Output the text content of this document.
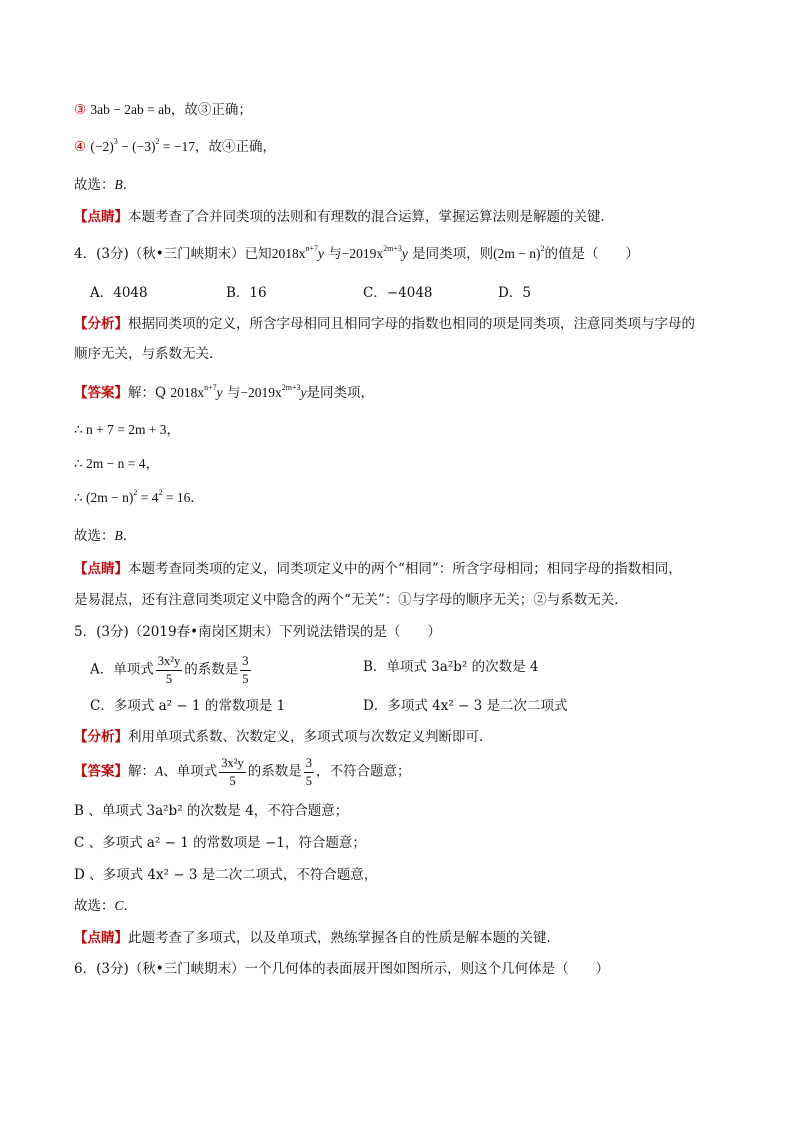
③ 3ab − 2ab = ab，故③正确；
④ $(-2)^3 - (-3)^2 = -17$，故④正确，
故选：B．
【点睛】本题考查了合并同类项的法则和有理数的混合运算，掌握运算法则是解题的关键．
4．(3分)（秋•三门峡期末）已知$2018x^{n+7}y$ 与$-2019x^{2m+3}y$ 是同类项，则$(2m - n)^2$的值是（　　）
A．4048	B．16	C．−4048	D．5
【分析】根据同类项的定义，所含字母相同且相同字母的指数也相同的项是同类项，注意同类项与字母的
顺序无关，与系数无关．
【答案】解：Q $2018x^{n+7}y$ 与$-2019x^{2m+3}y$是同类项，
∴ n + 7 = 2m + 3，
∴ 2m − n = 4，
∴ $(2m - n)^2 = 4^2 = 16$．
故选：B．
【点睛】本题考查同类项的定义，同类项定义中的两个“相同”：所含字母相同；相同字母的指数相同，
是易混点，还有注意同类项定义中隐含的两个“无关”：①与字母的顺序无关；②与系数无关．
5．(3分)（2019春•南岗区期末）下列说法错误的是（　　）
A．单项式 $\frac{\text{3x²y}}{5}$ 的系数是 $\frac{3}{5}$	B．单项式 3a²b² 的次数是 4
C．多项式 a² − 1 的常数项是 1	D．多项式 4x² − 3 是二次二项式
【分析】利用单项式系数、次数定义，多项式项与次数定义判断即可．
【答案】解：A、单项式 $\frac{\text{3x²y}}{5}$ 的系数是 $\frac{3}{5}$ ，不符合题意；
B 、单项式 3a²b² 的次数是 4，不符合题意；
C 、多项式 a² − 1 的常数项是 −1，符合题意；
D 、多项式 4x² − 3 是二次二项式，不符合题意，
故选：C．
【点睛】此题考查了多项式，以及单项式，熟练掌握各自的性质是解本题的关键．
6．(3分)（秋•三门峡期末）一个几何体的表面展开图如图所示，则这个几何体是（　　）
